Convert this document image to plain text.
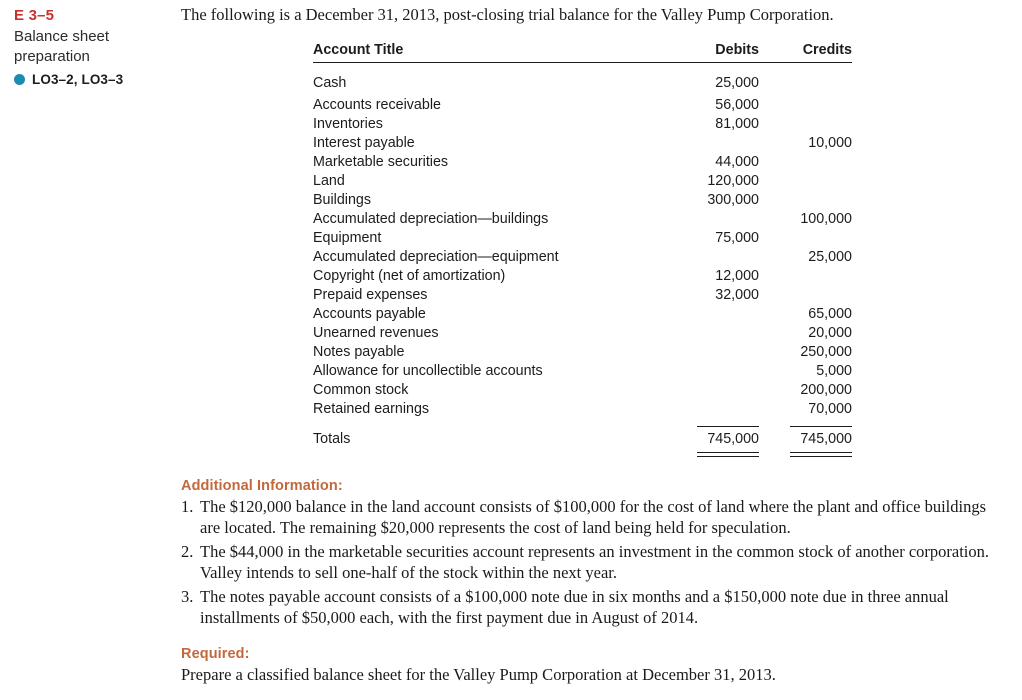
E 3–5
Balance sheet preparation
LO3–2, LO3–3
The following is a December 31, 2013, post-closing trial balance for the Valley Pump Corporation.
Account Title	Debits	Credits
Cash	25,000	
Accounts receivable	56,000	
Inventories	81,000	
Interest payable		10,000
Marketable securities	44,000	
Land	120,000	
Buildings	300,000	
Accumulated depreciation—buildings		100,000
Equipment	75,000	
Accumulated depreciation—equipment		25,000
Copyright (net of amortization)	12,000	
Prepaid expenses	32,000	
Accounts payable		65,000
Unearned revenues		20,000
Notes payable		250,000
Allowance for uncollectible accounts		5,000
Common stock		200,000
Retained earnings		70,000

Totals	745,000	745,000

Additional Information:
1. The $120,000 balance in the land account consists of $100,000 for the cost of land where the plant and office buildings are located. The remaining $20,000 represents the cost of land being held for speculation.
2. The $44,000 in the marketable securities account represents an investment in the common stock of another corporation. Valley intends to sell one-half of the stock within the next year.
3. The notes payable account consists of a $100,000 note due in six months and a $150,000 note due in three annual installments of $50,000 each, with the first payment due in August of 2014.
Required:
Prepare a classified balance sheet for the Valley Pump Corporation at December 31, 2013.
